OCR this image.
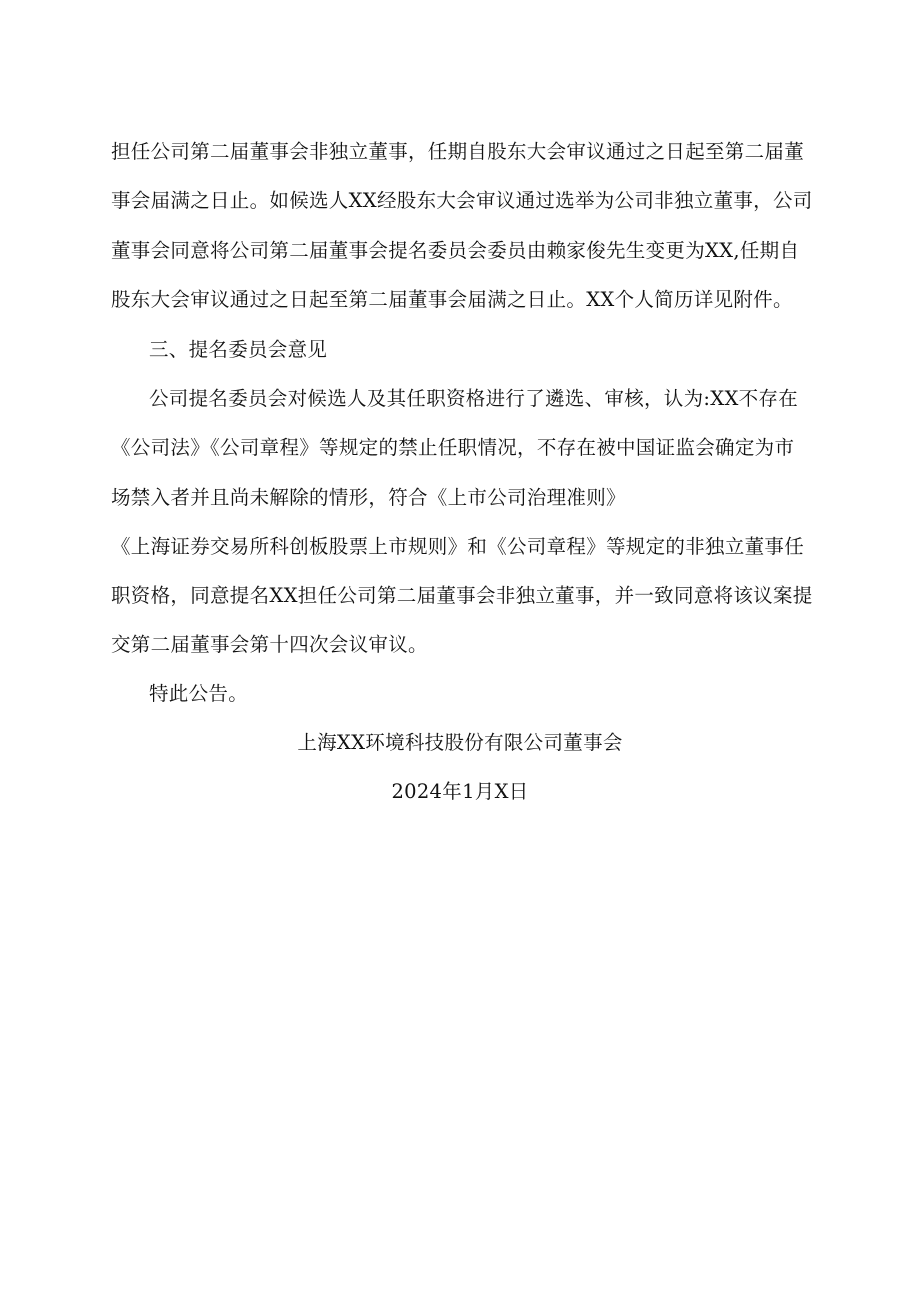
担任公司第二届董事会非独立董事，任期自股东大会审议通过之日起至第二届董
事会届满之日止。如候选人XX经股东大会审议通过选举为公司非独立董事，公司
董事会同意将公司第二届董事会提名委员会委员由赖家俊先生变更为XX,任期自
股东大会审议通过之日起至第二届董事会届满之日止。XX个人简历详见附件。
三、提名委员会意见
公司提名委员会对候选人及其任职资格进行了遴选、审核，认为:XX不存在
《公司法》《公司章程》等规定的禁止任职情况，不存在被中国证监会确定为市
场禁入者并且尚未解除的情形，符合《上市公司治理准则》
《上海证券交易所科创板股票上市规则》和《公司章程》等规定的非独立董事任
职资格，同意提名XX担任公司第二届董事会非独立董事，并一致同意将该议案提
交第二届董事会第十四次会议审议。
特此公告。
上海XX环境科技股份有限公司董事会
2024年1月X日
